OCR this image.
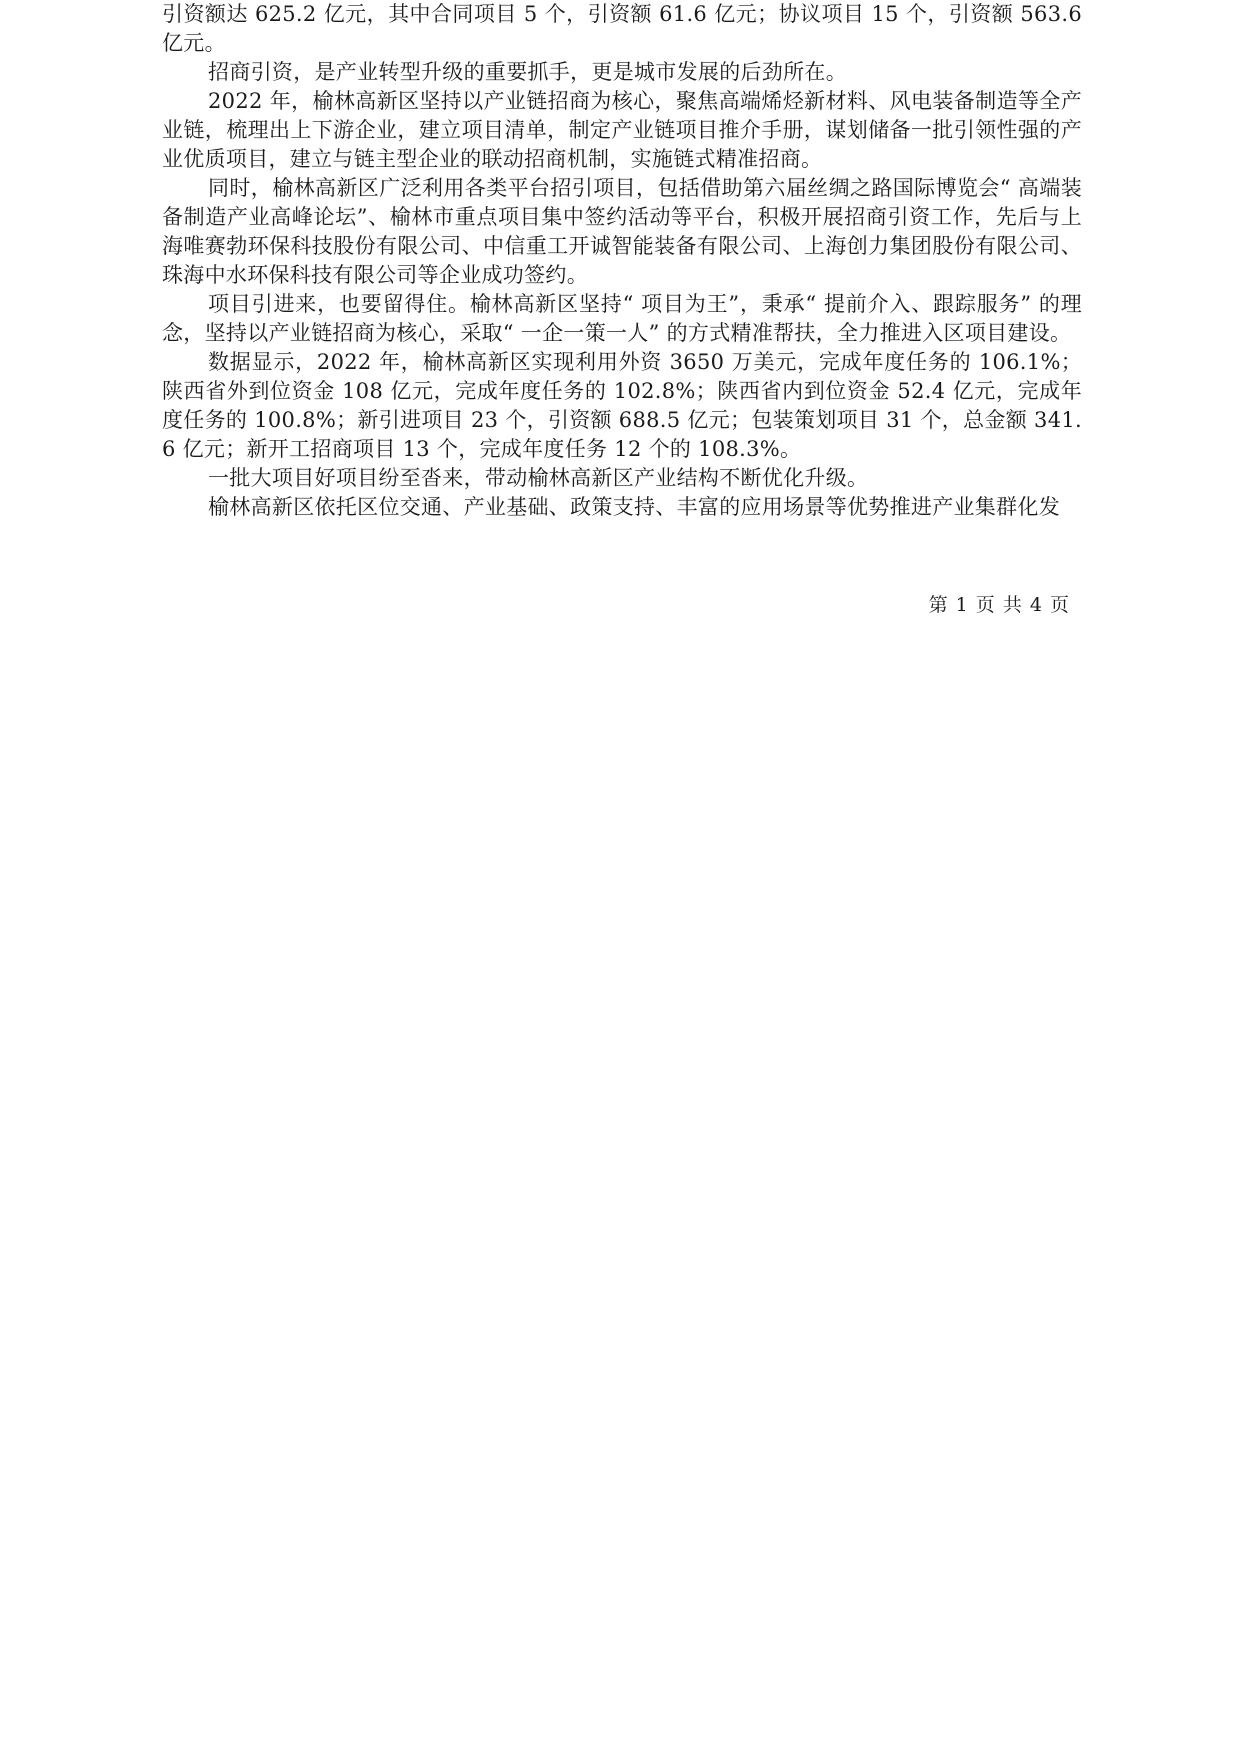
引资额达 625.2 亿元，其中合同项目 5 个，引资额 61.6 亿元；协议项目 15 个，引资额 563.6 亿元。

招商引资，是产业转型升级的重要抓手，更是城市发展的后劲所在。

2022 年，榆林高新区坚持以产业链招商为核心，聚焦高端烯烃新材料、风电装备制造等全产业链，梳理出上下游企业，建立项目清单，制定产业链项目推介手册，谋划储备一批引领性强的产业优质项目，建立与链主型企业的联动招商机制，实施链式精准招商。

同时，榆林高新区广泛利用各类平台招引项目，包括借助第六届丝绸之路国际博览会“ 高端装备制造产业高峰论坛”、榆林市重点项目集中签约活动等平台，积极开展招商引资工作，先后与上海唯赛勃环保科技股份有限公司、中信重工开诚智能装备有限公司、上海创力集团股份有限公司、珠海中水环保科技有限公司等企业成功签约。

项目引进来，也要留得住。榆林高新区坚持“ 项目为王”，秉承“ 提前介入、跟踪服务” 的理念，坚持以产业链招商为核心，采取“ 一企一策一人” 的方式精准帮扶，全力推进入区项目建设。

数据显示，2022 年，榆林高新区实现利用外资 3650 万美元，完成年度任务的 106.1%；陕西省外到位资金 108 亿元，完成年度任务的 102.8%；陕西省内到位资金 52.4 亿元，完成年度任务的 100.8%；新引进项目 23 个，引资额 688.5 亿元；包装策划项目 31 个，总金额 341.6 亿元；新开工招商项目 13 个，完成年度任务 12 个的 108.3%。

一批大项目好项目纷至沓来，带动榆林高新区产业结构不断优化升级。

榆林高新区依托区位交通、产业基础、政策支持、丰富的应用场景等优势推进产业集群化发

第 1 页 共 4 页
